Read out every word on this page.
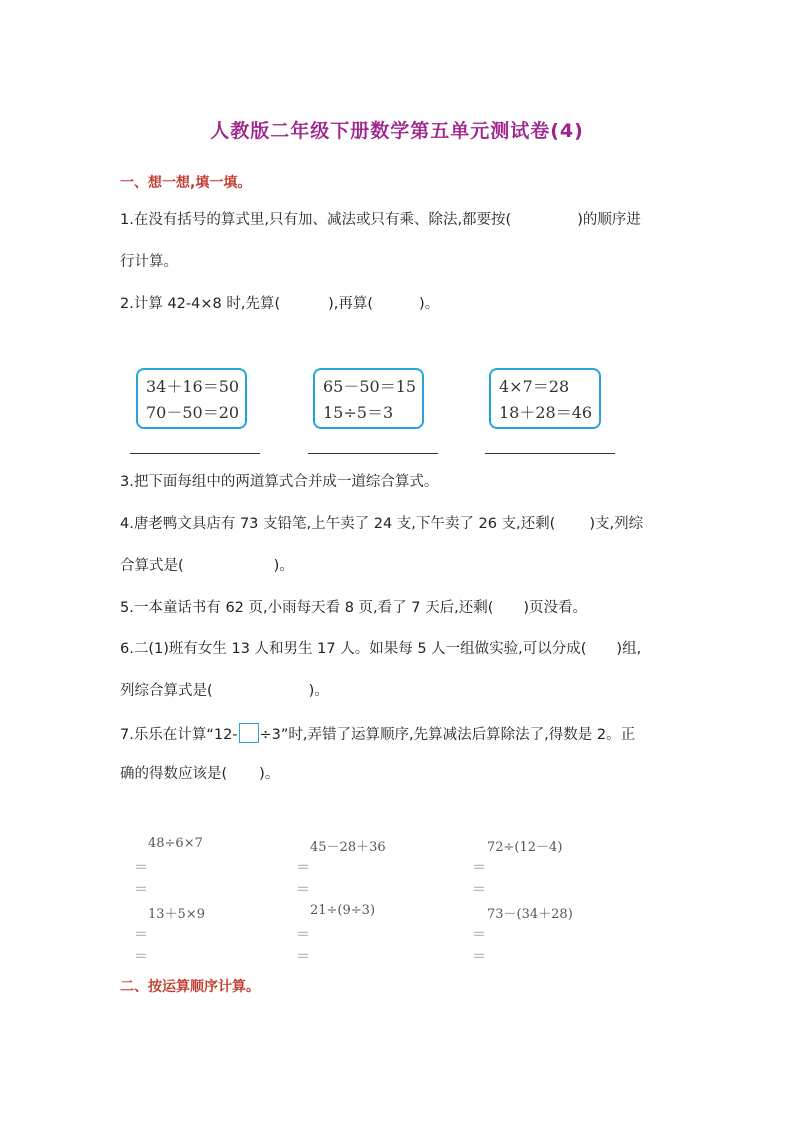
人教版二年级下册数学第五单元测试卷(4)
一、想一想,填一填。
1.在没有括号的算式里,只有加、减法或只有乘、除法,都要按(	)的顺序进
行计算。
2.计算 42-4×8 时,先算(	),再算(	)。
34＋16＝50
70－50＝20
65－50＝15
15÷5＝3
4×7＝28
18＋28＝46
3.把下面每组中的两道算式合并成一道综合算式。
4.唐老鸭文具店有 73 支铅笔,上午卖了 24 支,下午卖了 26 支,还剩( )支,列综
合算式是(	)。
5.一本童话书有 62 页,小雨每天看 8 页,看了 7 天后,还剩( )页没看。
6.二(1)班有女生 13 人和男生 17 人。如果每 5 人一组做实验,可以分成( )组,
列综合算式是(	)。
7.乐乐在计算“12- ÷3”时,弄错了运算顺序,先算减法后算除法了,得数是 2。正
确的得数应该是( )。
48÷6×7
＝
＝
45－28＋36
＝
＝
72÷(12－4)
＝
＝
13＋5×9
＝
＝
21÷(9÷3)
＝
＝
73－(34＋28)
＝
＝
二、按运算顺序计算。
